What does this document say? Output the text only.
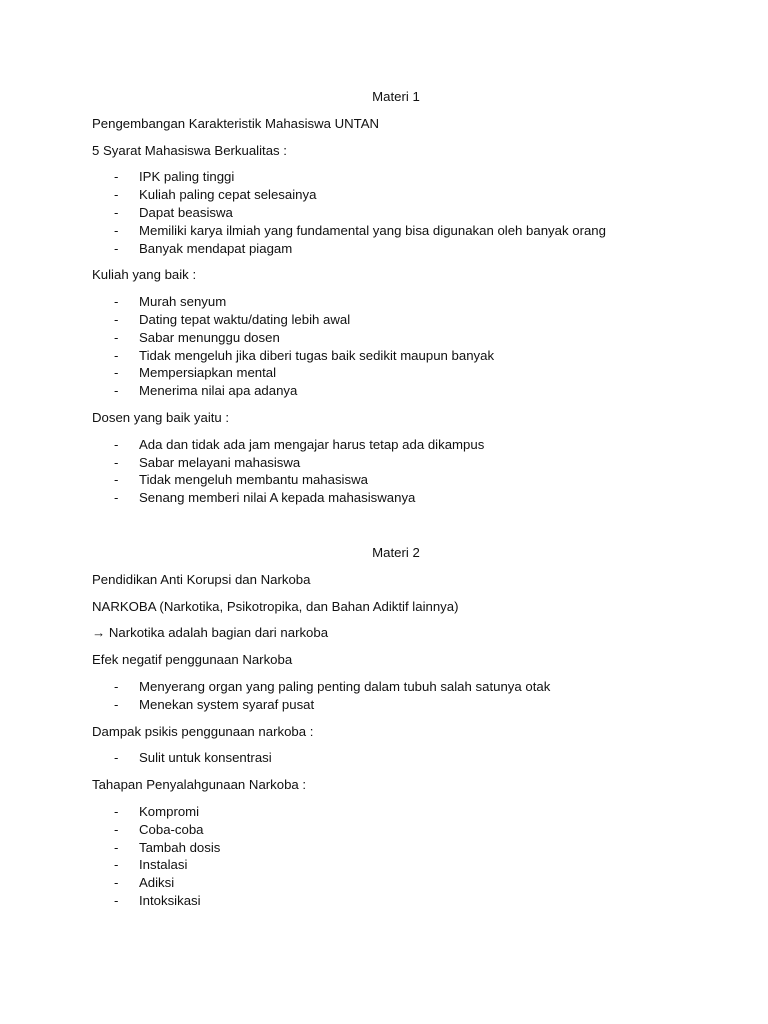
Materi 1
Pengembangan Karakteristik Mahasiswa UNTAN
5 Syarat Mahasiswa Berkualitas :
- IPK paling tinggi
- Kuliah paling cepat selesainya
- Dapat beasiswa
- Memiliki karya ilmiah yang fundamental yang bisa digunakan oleh banyak orang
- Banyak mendapat piagam
Kuliah yang baik :
- Murah senyum
- Dating tepat waktu/dating lebih awal
- Sabar menunggu dosen
- Tidak mengeluh jika diberi tugas baik sedikit maupun banyak
- Mempersiapkan mental
- Menerima nilai apa adanya
Dosen yang baik yaitu :
- Ada dan tidak ada jam mengajar harus tetap ada dikampus
- Sabar melayani mahasiswa
- Tidak mengeluh membantu mahasiswa
- Senang memberi nilai A kepada mahasiswanya
Materi 2
Pendidikan Anti Korupsi dan Narkoba
NARKOBA (Narkotika, Psikotropika, dan Bahan Adiktif lainnya)
→ Narkotika adalah bagian dari narkoba
Efek negatif penggunaan Narkoba
- Menyerang organ yang paling penting dalam tubuh salah satunya otak
- Menekan system syaraf pusat
Dampak psikis penggunaan narkoba :
- Sulit untuk konsentrasi
Tahapan Penyalahgunaan Narkoba :
- Kompromi
- Coba-coba
- Tambah dosis
- Instalasi
- Adiksi
- Intoksikasi
